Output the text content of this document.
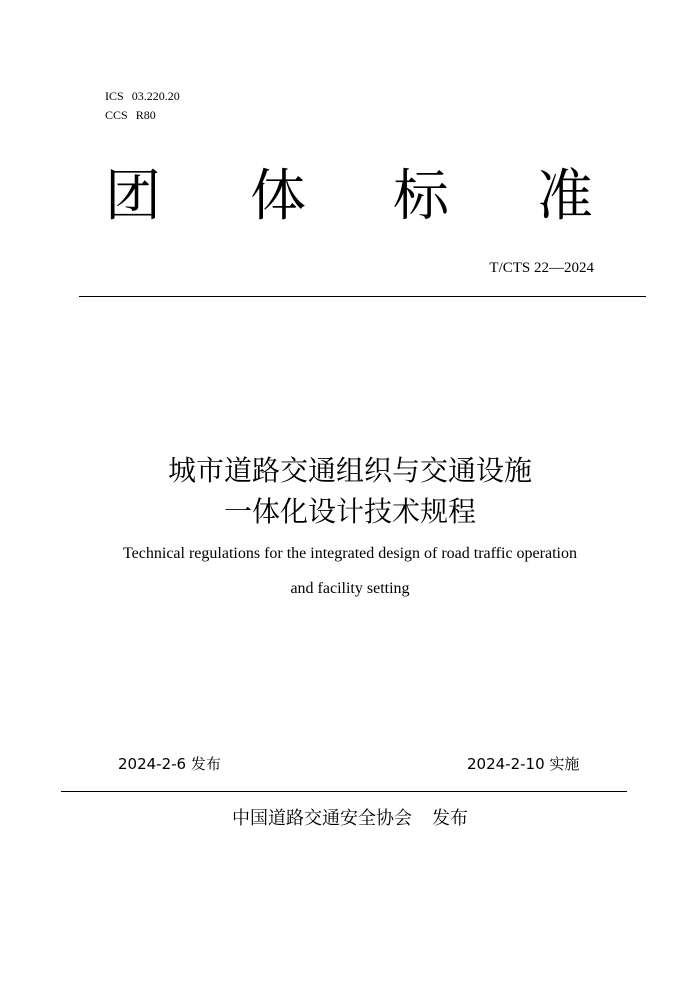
ICS 03.220.20
CCS R80
团 体 标 准
T/CTS 22—2024
城市道路交通组织与交通设施
一体化设计技术规程
Technical regulations for the integrated design of road traffic operation
and facility setting
2024-2-6 发布	2024-2-10 实施
中国道路交通安全协会 发布
